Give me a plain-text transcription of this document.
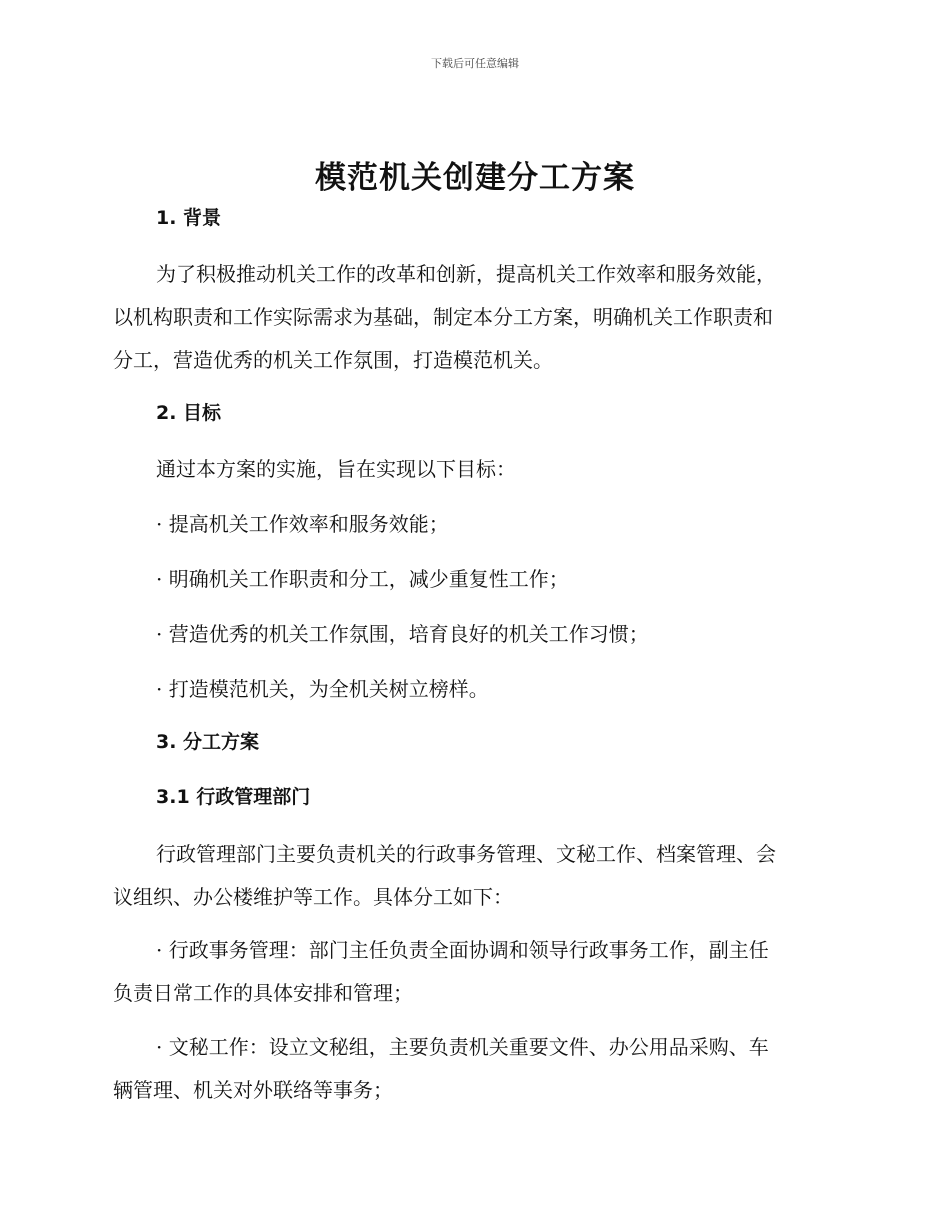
下载后可任意编辑
模范机关创建分工方案
1. 背景
为了积极推动机关工作的改革和创新，提高机关工作效率和服务效能，
以机构职责和工作实际需求为基础，制定本分工方案，明确机关工作职责和
分工，营造优秀的机关工作氛围，打造模范机关。
2. 目标
通过本方案的实施，旨在实现以下目标：
· 提高机关工作效率和服务效能；
· 明确机关工作职责和分工，减少重复性工作；
· 营造优秀的机关工作氛围，培育良好的机关工作习惯；
· 打造模范机关，为全机关树立榜样。
3. 分工方案
3.1 行政管理部门
行政管理部门主要负责机关的行政事务管理、文秘工作、档案管理、会
议组织、办公楼维护等工作。具体分工如下：
· 行政事务管理：部门主任负责全面协调和领导行政事务工作，副主任
负责日常工作的具体安排和管理；
· 文秘工作：设立文秘组，主要负责机关重要文件、办公用品采购、车
辆管理、机关对外联络等事务；
